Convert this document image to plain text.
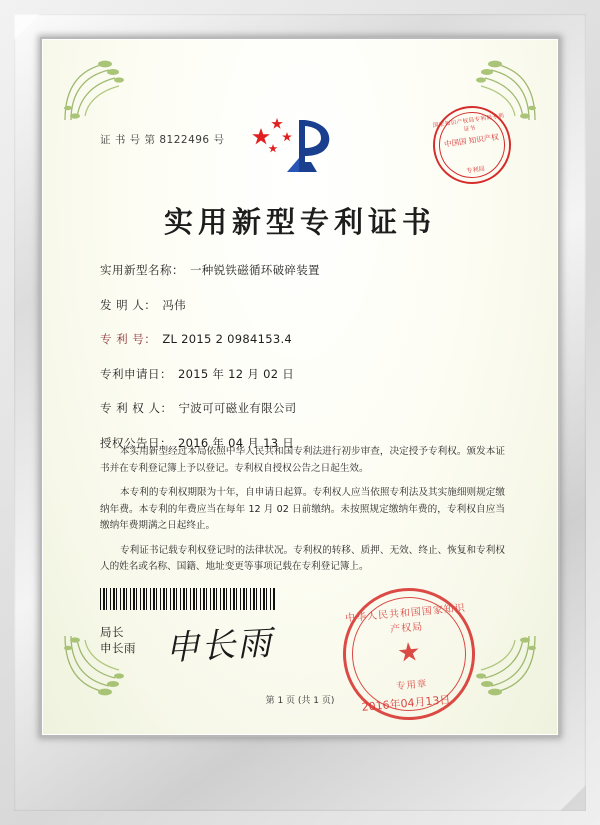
证 书 号 第 8122496 号
国家知识产权局专利局专利证书
中国国 知识产权
专利局
实用新型专利证书
实用新型名称： 一种锐铁磁循环破碎装置
发 明 人： 冯伟
专 利 号： ZL 2015 2 0984153.4
专利申请日： 2015 年 12 月 02 日
专 利 权 人： 宁波可可磁业有限公司
授权公告日： 2016 年 04 月 13 日

本实用新型经过本局依照中华人民共和国专利法进行初步审查，决定授予专利权。颁发本证书并在专利登记簿上予以登记。专利权自授权公告之日起生效。

本专利的专利权期限为十年，自申请日起算。专利权人应当依照专利法及其实施细则规定缴纳年费。本专利的年费应当在每年 12 月 02 日前缴纳。未按照规定缴纳年费的，专利权自应当缴纳年费期满之日起终止。

专利证书记载专利权登记时的法律状况。专利权的转移、质押、无效、终止、恢复和专利权人的姓名或名称、国籍、地址变更等事项记载在专利登记簿上。

局长
申长雨 申长雨
中华人民共和国国家知识产权局
★
专用章
2016年04月13日
第 1 页 (共 1 页)
